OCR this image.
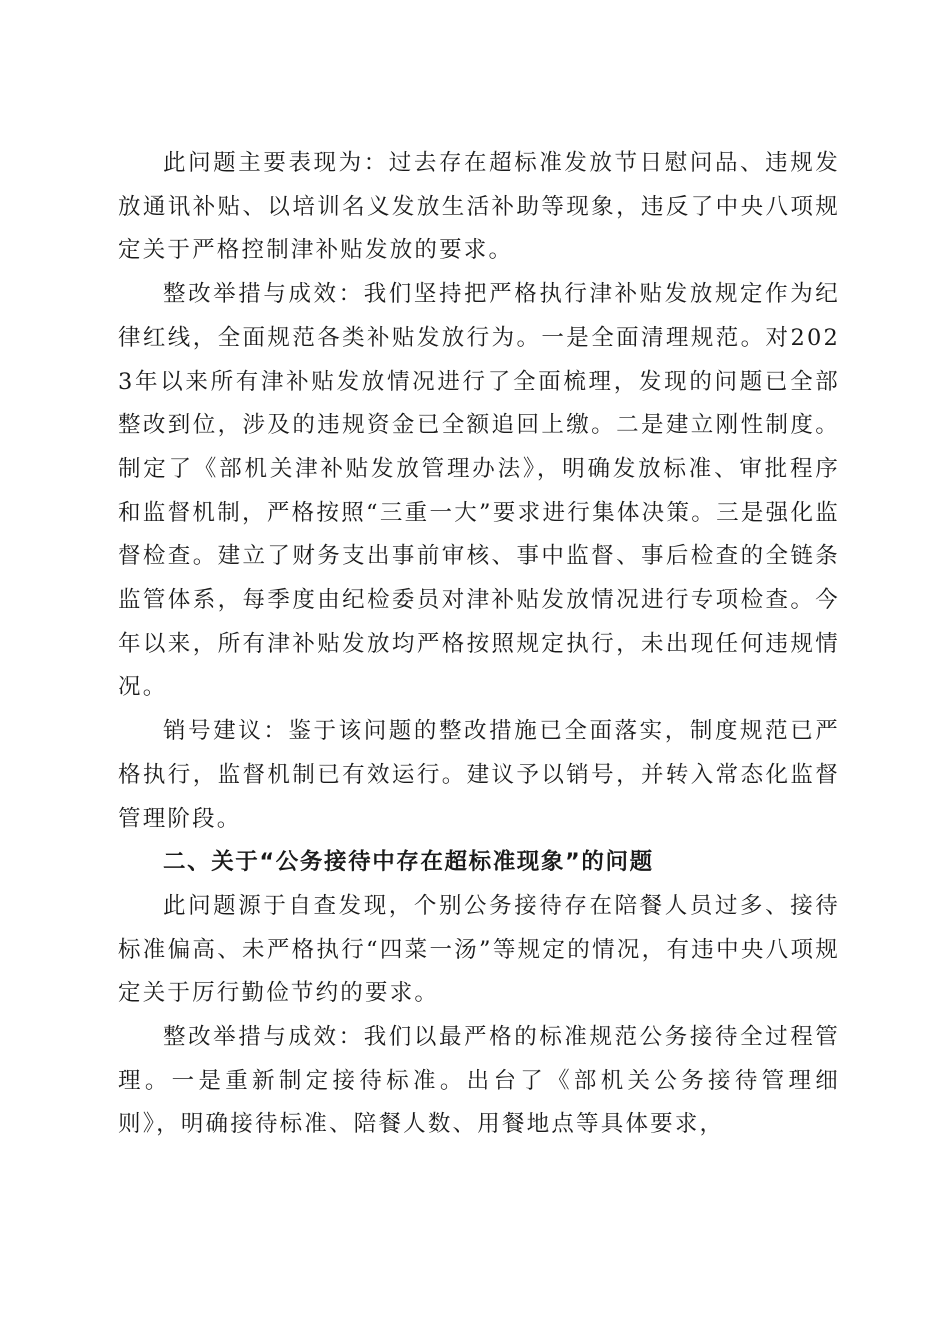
此问题主要表现为：过去存在超标准发放节日慰问品、违规发放通讯补贴、以培训名义发放生活补助等现象，违反了中央八项规定关于严格控制津补贴发放的要求。

整改举措与成效：我们坚持把严格执行津补贴发放规定作为纪律红线，全面规范各类补贴发放行为。一是全面清理规范。对2023年以来所有津补贴发放情况进行了全面梳理，发现的问题已全部整改到位，涉及的违规资金已全额追回上缴。二是建立刚性制度。制定了《部机关津补贴发放管理办法》，明确发放标准、审批程序和监督机制，严格按照“三重一大”要求进行集体决策。三是强化监督检查。建立了财务支出事前审核、事中监督、事后检查的全链条监管体系，每季度由纪检委员对津补贴发放情况进行专项检查。今年以来，所有津补贴发放均严格按照规定执行，未出现任何违规情况。

销号建议：鉴于该问题的整改措施已全面落实，制度规范已严格执行，监督机制已有效运行。建议予以销号，并转入常态化监督管理阶段。

二、关于“公务接待中存在超标准现象”的问题

此问题源于自查发现，个别公务接待存在陪餐人员过多、接待标准偏高、未严格执行“四菜一汤”等规定的情况，有违中央八项规定关于厉行勤俭节约的要求。

整改举措与成效：我们以最严格的标准规范公务接待全过程管理。一是重新制定接待标准。出台了《部机关公务接待管理细则》，明确接待标准、陪餐人数、用餐地点等具体要求，
